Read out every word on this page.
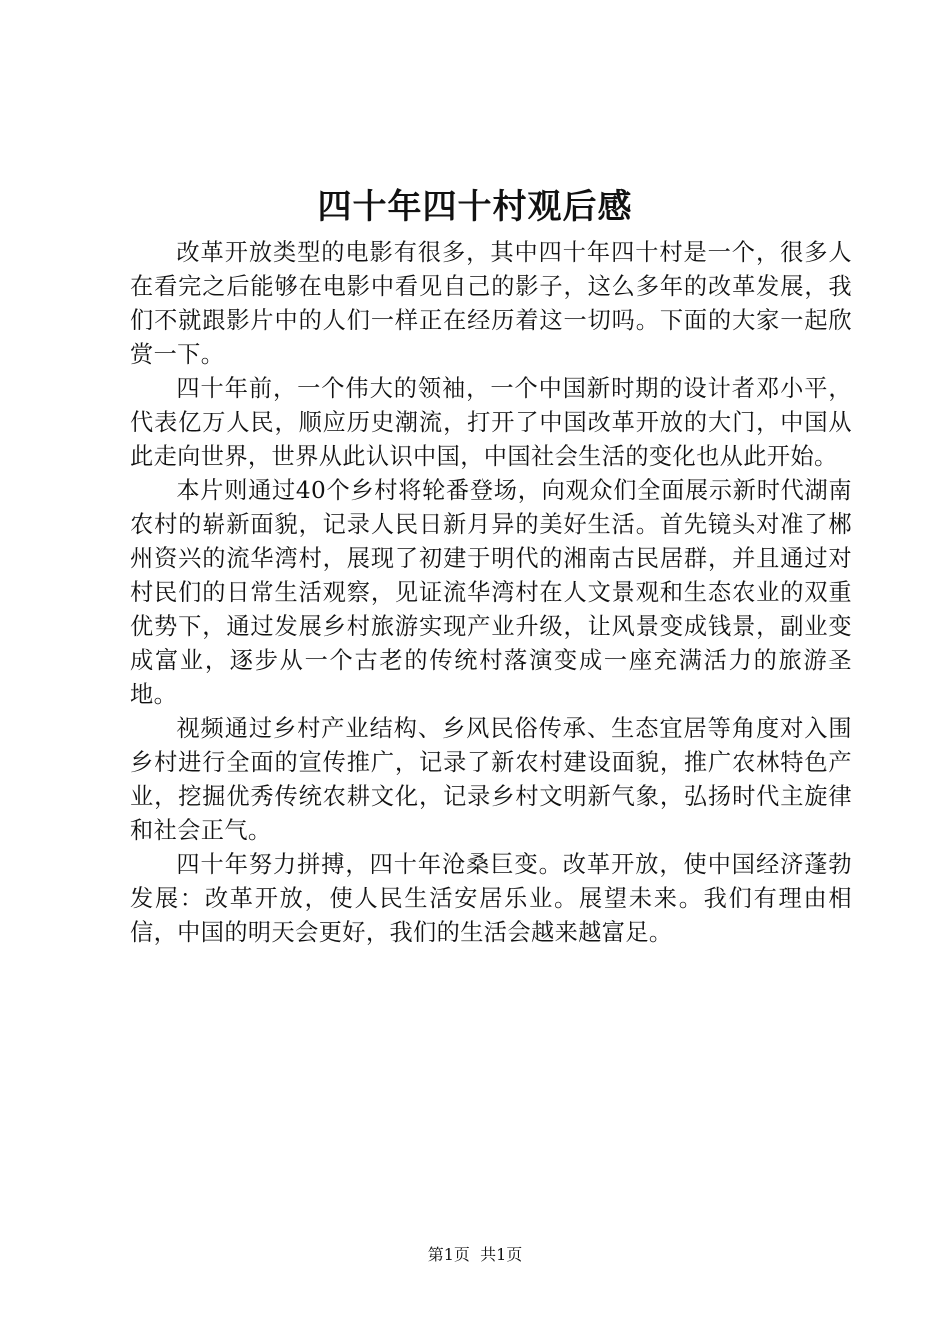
四十年四十村观后感

改革开放类型的电影有很多，其中四十年四十村是一个，很多人在看完之后能够在电影中看见自己的影子，这么多年的改革发展，我们不就跟影片中的人们一样正在经历着这一切吗。下面的大家一起欣赏一下。

四十年前，一个伟大的领袖，一个中国新时期的设计者邓小平，代表亿万人民，顺应历史潮流，打开了中国改革开放的大门，中国从此走向世界，世界从此认识中国，中国社会生活的变化也从此开始。

本片则通过40个乡村将轮番登场，向观众们全面展示新时代湖南农村的崭新面貌，记录人民日新月异的美好生活。首先镜头对准了郴州资兴的流华湾村，展现了初建于明代的湘南古民居群，并且通过对村民们的日常生活观察，见证流华湾村在人文景观和生态农业的双重优势下，通过发展乡村旅游实现产业升级，让风景变成钱景，副业变成富业，逐步从一个古老的传统村落演变成一座充满活力的旅游圣地。

视频通过乡村产业结构、乡风民俗传承、生态宜居等角度对入围乡村进行全面的宣传推广，记录了新农村建设面貌，推广农林特色产业，挖掘优秀传统农耕文化，记录乡村文明新气象，弘扬时代主旋律和社会正气。

四十年努力拼搏，四十年沧桑巨变。改革开放，使中国经济蓬勃发展：改革开放，使人民生活安居乐业。展望未来。我们有理由相信，中国的明天会更好，我们的生活会越来越富足。

第1页  共1页
